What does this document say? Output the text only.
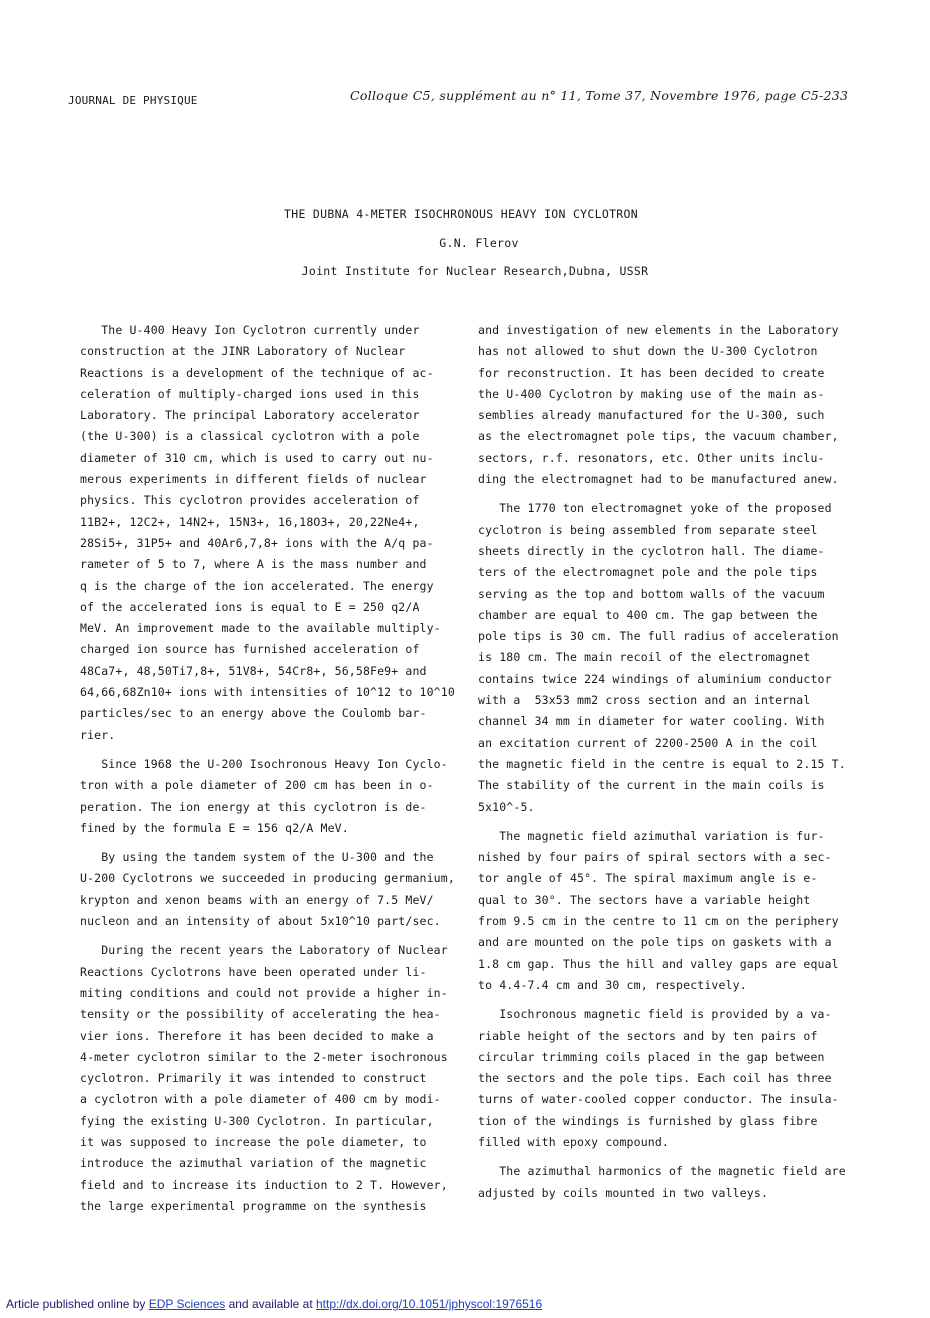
JOURNAL DE PHYSIQUE	Colloque C5, supplément au n° 11, Tome 37, Novembre 1976, page C5-233
THE DUBNA 4-METER ISOCHRONOUS HEAVY ION CYCLOTRON
G.N. Flerov
Joint Institute for Nuclear Research,Dubna, USSR
The U-400 Heavy Ion Cyclotron currently under
construction at the JINR Laboratory of Nuclear
Reactions is a development of the technique of ac-
celeration of multiply-charged ions used in this
Laboratory. The principal Laboratory accelerator
(the U-300) is a classical cyclotron with a pole
diameter of 310 cm, which is used to carry out nu-
merous experiments in different fields of nuclear
physics. This cyclotron provides acceleration of
11B2+, 12C2+, 14N2+, 15N3+, 16,18O3+, 20,22Ne4+,
28Si5+, 31P5+ and 40Ar6,7,8+ ions with the A/q pa-
rameter of 5 to 7, where A is the mass number and
q is the charge of the ion accelerated. The energy
of the accelerated ions is equal to E = 250 q2/A
MeV. An improvement made to the available multiply-
charged ion source has furnished acceleration of
48Ca7+, 48,50Ti7,8+, 51V8+, 54Cr8+, 56,58Fe9+ and
64,66,68Zn10+ ions with intensities of 10^12 to 10^10
particles/sec to an energy above the Coulomb bar-
rier.
Since 1968 the U-200 Isochronous Heavy Ion Cyclo-
tron with a pole diameter of 200 cm has been in o-
peration. The ion energy at this cyclotron is de-
fined by the formula E = 156 q2/A MeV.
By using the tandem system of the U-300 and the
U-200 Cyclotrons we succeeded in producing germanium,
krypton and xenon beams with an energy of 7.5 MeV/
nucleon and an intensity of about 5x10^10 part/sec.
During the recent years the Laboratory of Nuclear
Reactions Cyclotrons have been operated under li-
miting conditions and could not provide a higher in-
tensity or the possibility of accelerating the hea-
vier ions. Therefore it has been decided to make a
4-meter cyclotron similar to the 2-meter isochronous
cyclotron. Primarily it was intended to construct
a cyclotron with a pole diameter of 400 cm by modi-
fying the existing U-300 Cyclotron. In particular,
it was supposed to increase the pole diameter, to
introduce the azimuthal variation of the magnetic
field and to increase its induction to 2 T. However,
the large experimental programme on the synthesis
and investigation of new elements in the Laboratory
has not allowed to shut down the U-300 Cyclotron
for reconstruction. It has been decided to create
the U-400 Cyclotron by making use of the main as-
semblies already manufactured for the U-300, such
as the electromagnet pole tips, the vacuum chamber,
sectors, r.f. resonators, etc. Other units inclu-
ding the electromagnet had to be manufactured anew.
The 1770 ton electromagnet yoke of the proposed
cyclotron is being assembled from separate steel
sheets directly in the cyclotron hall. The diame-
ters of the electromagnet pole and the pole tips
serving as the top and bottom walls of the vacuum
chamber are equal to 400 cm. The gap between the
pole tips is 30 cm. The full radius of acceleration
is 180 cm. The main recoil of the electromagnet
contains twice 224 windings of aluminium conductor
with a  53x53 mm2 cross section and an internal
channel 34 mm in diameter for water cooling. With
an excitation current of 2200-2500 A in the coil
the magnetic field in the centre is equal to 2.15 T.
The stability of the current in the main coils is
5x10^-5.
The magnetic field azimuthal variation is fur-
nished by four pairs of spiral sectors with a sec-
tor angle of 45°. The spiral maximum angle is e-
qual to 30°. The sectors have a variable height
from 9.5 cm in the centre to 11 cm on the periphery
and are mounted on the pole tips on gaskets with a
1.8 cm gap. Thus the hill and valley gaps are equal
to 4.4-7.4 cm and 30 cm, respectively.
Isochronous magnetic field is provided by a va-
riable height of the sectors and by ten pairs of
circular trimming coils placed in the gap between
the sectors and the pole tips. Each coil has three
turns of water-cooled copper conductor. The insula-
tion of the windings is furnished by glass fibre
filled with epoxy compound.
The azimuthal harmonics of the magnetic field are
adjusted by coils mounted in two valleys.
Article published online by EDP Sciences and available at http://dx.doi.org/10.1051/jphyscol:1976516
